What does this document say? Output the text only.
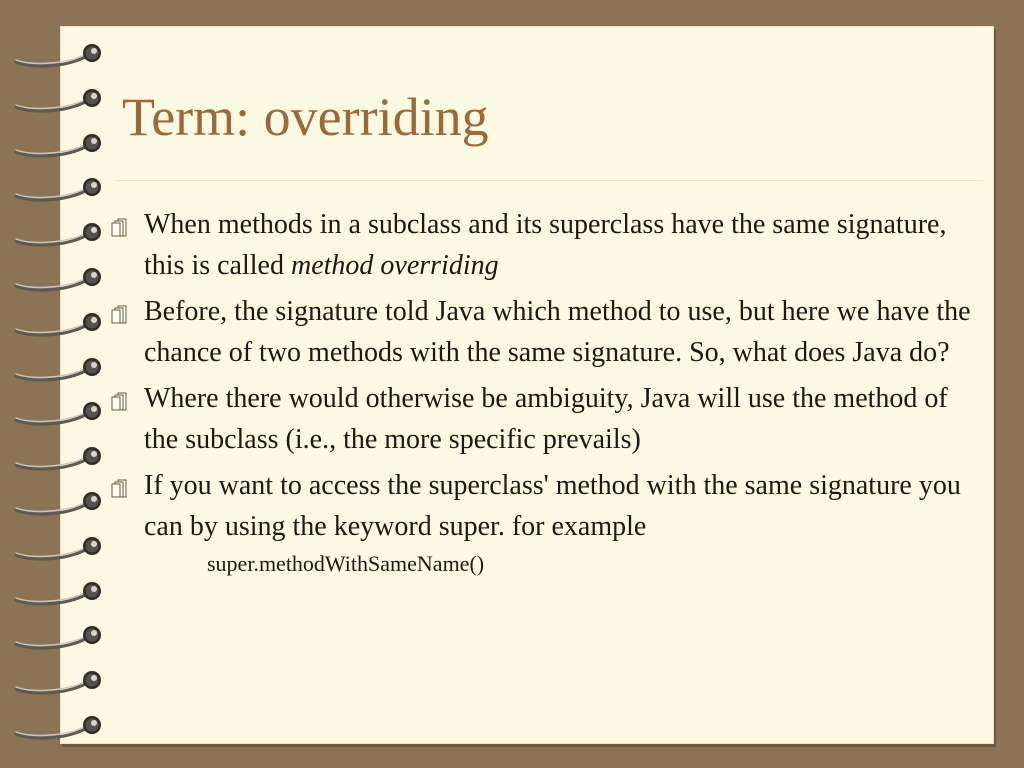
Term: overriding
When methods in a subclass and its superclass have the same signature, this is called method overriding
Before, the signature told Java which method to use, but here we have the chance of two methods with the same signature. So, what does Java do?
Where there would otherwise be ambiguity, Java will use the method of the subclass (i.e., the more specific prevails)
If you want to access the superclass' method with the same signature you can by using the keyword super. for example
super.methodWithSameName()
